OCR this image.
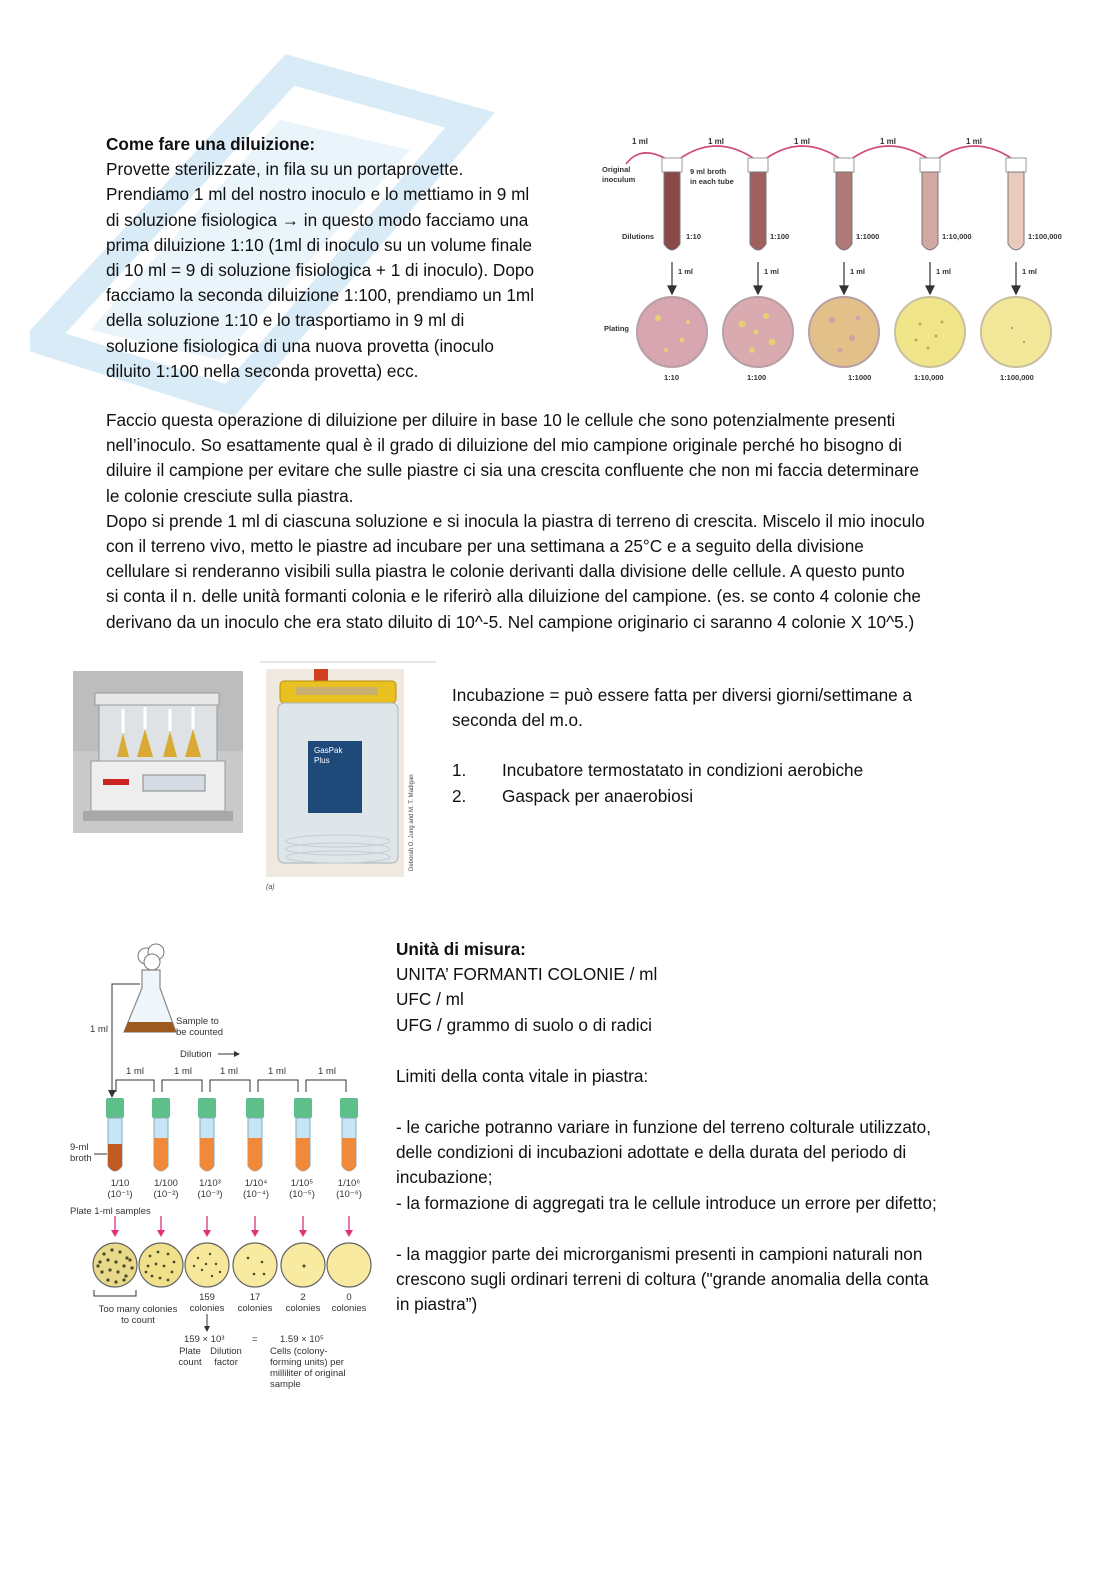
Come fare una diluizione:

Provette sterilizzate, in fila su un portaprovette.

Prendiamo 1 ml del nostro inoculo e lo mettiamo in 9 ml

di soluzione fisiologica → in questo modo facciamo una

prima diluizione 1:10 (1ml di inoculo su un volume finale

di 10 ml = 9 di soluzione fisiologica + 1 di inoculo). Dopo

facciamo la seconda diluizione 1:100, prendiamo un 1ml

della soluzione 1:10 e lo trasportiamo in 9 ml di

soluzione fisiologica di una nuova provetta (inoculo

diluito 1:100 nella seconda provetta) ecc.

1 ml	1 ml	1 ml	1 ml	1 ml
Original
inoculum
9 ml broth
in each tube
Dilutions	1:10	1:100	1:1000	1:10,000	1:100,000
1 ml	1 ml	1 ml	1 ml	1 ml
Plating
1:10	1:100	1:1000	1:10,000	1:100,000

Faccio questa operazione di diluizione per diluire in base 10 le cellule che sono potenzialmente presenti

nell’inoculo. So esattamente qual è il grado di diluizione del mio campione originale perché ho bisogno di

diluire il campione per evitare che sulle piastre ci sia una crescita confluente che non mi faccia determinare

le colonie cresciute sulla piastra.

Dopo si prende 1 ml di ciascuna soluzione e si inocula la piastra di terreno di crescita. Miscelo il mio inoculo

con il terreno vivo, metto le piastre ad incubare per una settimana a 25°C e a seguito della divisione

cellulare si renderanno visibili sulla piastra le colonie derivanti dalla divisione delle cellule. A questo punto

si conta il n. delle unità formanti colonia e le riferirò alla diluizione del campione. (es. se conto 4 colonie che

derivano da un inoculo che era stato diluito di 10^-5. Nel campione originario ci saranno 4 colonie X 10^5.)

GasPak
Plus
Deborah O. Jung and M. T. Madigan
(a)

Incubazione = può essere fatta per diversi giorni/settimane a

seconda del m.o.

1.	Incubatore termostatato in condizioni aerobiche
2.	Gaspack per anaerobiosi
Sample to
be counted
1 ml
Dilution
1 ml	1 ml	1 ml	1 ml	1 ml
9-ml
broth
1/10	1/100 1/10³	1/10⁴ 1/10⁵	1/10⁶
(10⁻¹) (10⁻²) (10⁻³) (10⁻⁴) (10⁻⁵) (10⁻⁶)
Plate 1-ml samples
Too many colonies
to count
159
colonies
17
colonies
2
colonies
0
colonies
159 × 10³	= 1.59 × 10⁵
Plate
count
Dilution
factor
Cells (colony-
forming units) per
milliliter of original
sample

Unità di misura:

UNITA’ FORMANTI COLONIE / ml

UFC / ml

UFG / grammo di suolo o di radici

Limiti della conta vitale in piastra:

- le cariche potranno variare in funzione del terreno colturale utilizzato,

delle condizioni di incubazioni adottate e della durata del periodo di

incubazione;

- la formazione di aggregati tra le cellule introduce un errore per difetto;

- la maggior parte dei microrganismi presenti in campioni naturali non

crescono sugli ordinari terreni di coltura ("grande anomalia della conta

in piastra”)
